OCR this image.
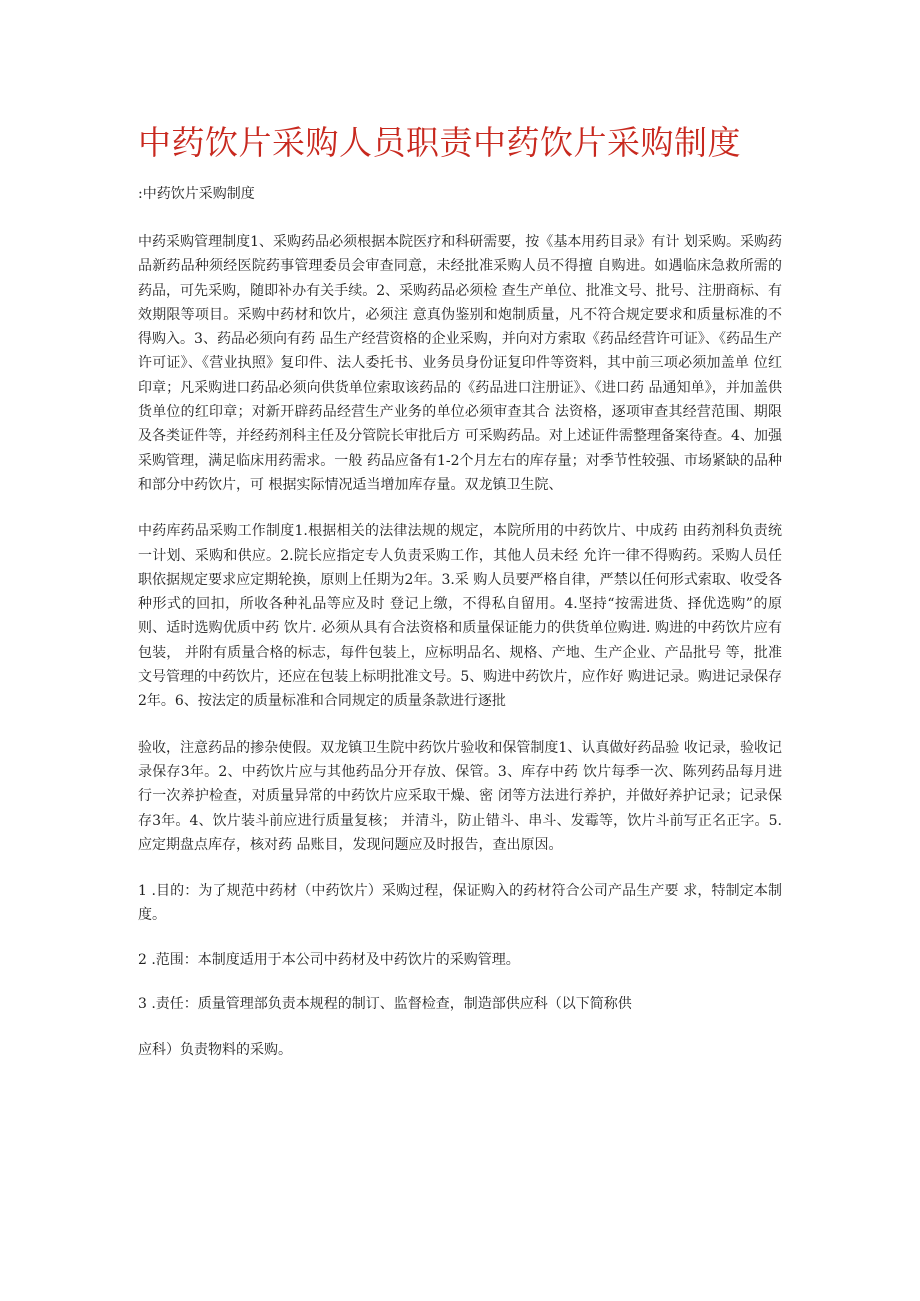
中药饮片采购人员职责中药饮片采购制度
:中药饮片采购制度

中药采购管理制度1、采购药品必须根据本院医疗和科研需要，按《基本用药目录》有计 划采购。采购药品新药品种须经医院药事管理委员会审查同意，未经批准采购人员不得擅 自购进。如遇临床急救所需的药品，可先采购，随即补办有关手续。2、采购药品必须检 查生产单位、批准文号、批号、注册商标、有效期限等项目。采购中药材和饮片，必须注 意真伪鉴别和炮制质量，凡不符合规定要求和质量标准的不得购入。3、药品必须向有药 品生产经营资格的企业采购，并向对方索取《药品经营许可证》、《药品生产许可证》、《营业执照》复印件、法人委托书、业务员身份证复印件等资料，其中前三项必须加盖单 位红印章；凡采购进口药品必须向供货单位索取该药品的《药品进口注册证》、《进口药 品通知单》，并加盖供货单位的红印章；对新开辟药品经营生产业务的单位必须审查其合 法资格，逐项审查其经营范围、期限及各类证件等，并经药剂科主任及分管院长审批后方 可采购药品。对上述证件需整理备案待查。4、加强采购管理，满足临床用药需求。一般 药品应备有1-2个月左右的库存量；对季节性较强、市场紧缺的品种和部分中药饮片，可 根据实际情况适当增加库存量。双龙镇卫生院、

中药库药品采购工作制度1.根据相关的法律法规的规定，本院所用的中药饮片、中成药 由药剂科负责统一计划、采购和供应。2.院长应指定专人负责采购工作，其他人员未经 允许一律不得购药。采购人员任职依据规定要求应定期轮换，原则上任期为2年。3.采 购人员要严格自律，严禁以任何形式索取、收受各种形式的回扣，所收各种礼品等应及时 登记上缴，不得私自留用。4.坚持“按需进货、择优选购”的原则、适时选购优质中药 饮片. 必须从具有合法资格和质量保证能力的供货单位购进. 购进的中药饮片应有包装， 并附有质量合格的标志，每件包装上，应标明品名、规格、产地、生产企业、产品批号 等，批准文号管理的中药饮片，还应在包装上标明批准文号。5、购进中药饮片，应作好 购进记录。购进记录保存2年。6、按法定的质量标准和合同规定的质量条款进行逐批

验收，注意药品的掺杂使假。双龙镇卫生院中药饮片验收和保管制度1、认真做好药品验 收记录，验收记录保存3年。2、中药饮片应与其他药品分开存放、保管。3、库存中药 饮片每季一次、陈列药品每月进行一次养护检查，对质量异常的中药饮片应采取干燥、密 闭等方法进行养护，并做好养护记录；记录保存3年。4、饮片装斗前应进行质量复核； 并清斗，防止错斗、串斗、发霉等，饮片斗前写正名正字。5.应定期盘点库存，核对药 品账目，发现问题应及时报告，查出原因。

1 .目的：为了规范中药材（中药饮片）采购过程，保证购入的药材符合公司产品生产要 求，特制定本制度。

2 .范围：本制度适用于本公司中药材及中药饮片的采购管理。

3 .责任：质量管理部负责本规程的制订、监督检查，制造部供应科（以下简称供

应科）负责物料的采购。
